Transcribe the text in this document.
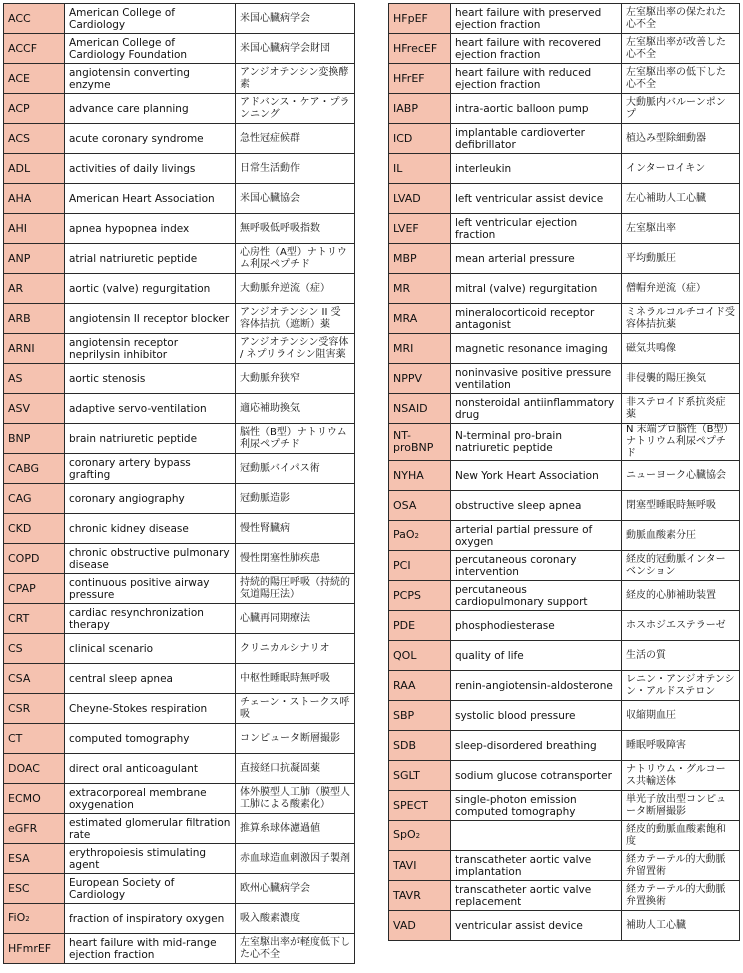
ACC	American College of Cardiology	米国心臓病学会
ACCF	American College of Cardiology Foundation	米国心臓病学会財団
ACE	angiotensin converting enzyme	アンジオテンシン変換酵素
ACP	advance care planning	アドバンス・ケア・プランニング
ACS	acute coronary syndrome	急性冠症候群
ADL	activities of daily livings	日常生活動作
AHA	American Heart Association	米国心臓協会
AHI	apnea hypopnea index	無呼吸低呼吸指数
ANP	atrial natriuretic peptide	心房性（A型）ナトリウム利尿ペプチド
AR	aortic (valve) regurgitation	大動脈弁逆流（症）
ARB	angiotensin II receptor blocker	アンジオテンシン II 受容体拮抗（遮断）薬
ARNI	angiotensin receptor neprilysin inhibitor	アンジオテンシン受容体 / ネプリライシン阻害薬
AS	aortic stenosis	大動脈弁狭窄
ASV	adaptive servo-ventilation	適応補助換気
BNP	brain natriuretic peptide	脳性（B型）ナトリウム利尿ペプチド
CABG	coronary artery bypass grafting	冠動脈バイパス術
CAG	coronary angiography	冠動脈造影
CKD	chronic kidney disease	慢性腎臓病
COPD	chronic obstructive pulmonary disease	慢性閉塞性肺疾患
CPAP	continuous positive airway pressure	持続的陽圧呼吸（持続的気道陽圧法）
CRT	cardiac resynchronization therapy	心臓再同期療法
CS	clinical scenario	クリニカルシナリオ
CSA	central sleep apnea	中枢性睡眠時無呼吸
CSR	Cheyne-Stokes respiration	チェーン・ストークス呼吸
CT	computed tomography	コンピュータ断層撮影
DOAC	direct oral anticoagulant	直接経口抗凝固薬
ECMO	extracorporeal membrane oxygenation	体外膜型人工肺（膜型人工肺による酸素化）
eGFR	estimated glomerular filtration rate	推算糸球体濾過値
ESA	erythropoiesis stimulating agent	赤血球造血刺激因子製剤
ESC	European Society of Cardiology	欧州心臓病学会
FiO2	fraction of inspiratory oxygen	吸入酸素濃度
HFmrEF	heart failure with mid-range ejection fraction	左室駆出率が軽度低下した心不全
HFpEF	heart failure with preserved ejection fraction	左室駆出率の保たれた心不全
HFrecEF	heart failure with recovered ejection fraction	左室駆出率が改善した心不全
HFrEF	heart failure with reduced ejection fraction	左室駆出率の低下した心不全
IABP	intra-aortic balloon pump	大動脈内バルーンポンプ
ICD	implantable cardioverter defibrillator	植込み型除細動器
IL	interleukin	インターロイキン
LVAD	left ventricular assist device	左心補助人工心臓
LVEF	left ventricular ejection fraction	左室駆出率
MBP	mean arterial pressure	平均動脈圧
MR	mitral (valve) regurgitation	僧帽弁逆流（症）
MRA	mineralocorticoid receptor antagonist	ミネラルコルチコイド受容体拮抗薬
MRI	magnetic resonance imaging	磁気共鳴像
NPPV	noninvasive positive pressure ventilation	非侵襲的陽圧換気
NSAID	nonsteroidal antiinflammatory drug	非ステロイド系抗炎症薬
NT-proBNP	N-terminal pro-brain natriuretic peptide	N 末端プロ脳性（B型）ナトリウム利尿ペプチド
NYHA	New York Heart Association	ニューヨーク心臓協会
OSA	obstructive sleep apnea	閉塞型睡眠時無呼吸
PaO2	arterial partial pressure of oxygen	動脈血酸素分圧
PCI	percutaneous coronary intervention	経皮的冠動脈インターベンション
PCPS	percutaneous cardiopulmonary support	経皮的心肺補助装置
PDE	phosphodiesterase	ホスホジエステラーゼ
QOL	quality of life	生活の質
RAA	renin-angiotensin-aldosterone	レニン・アンジオテンシン・アルドステロン
SBP	systolic blood pressure	収縮期血圧
SDB	sleep-disordered breathing	睡眠呼吸障害
SGLT	sodium glucose cotransporter	ナトリウム・グルコース共輸送体
SPECT	single-photon emission computed tomography	単光子放出型コンピュータ断層撮影
SpO2		経皮的動脈血酸素飽和度
TAVI	transcatheter aortic valve implantation	経カテーテル的大動脈弁留置術
TAVR	transcatheter aortic valve replacement	経カテーテル的大動脈弁置換術
VAD	ventricular assist device	補助人工心臓
